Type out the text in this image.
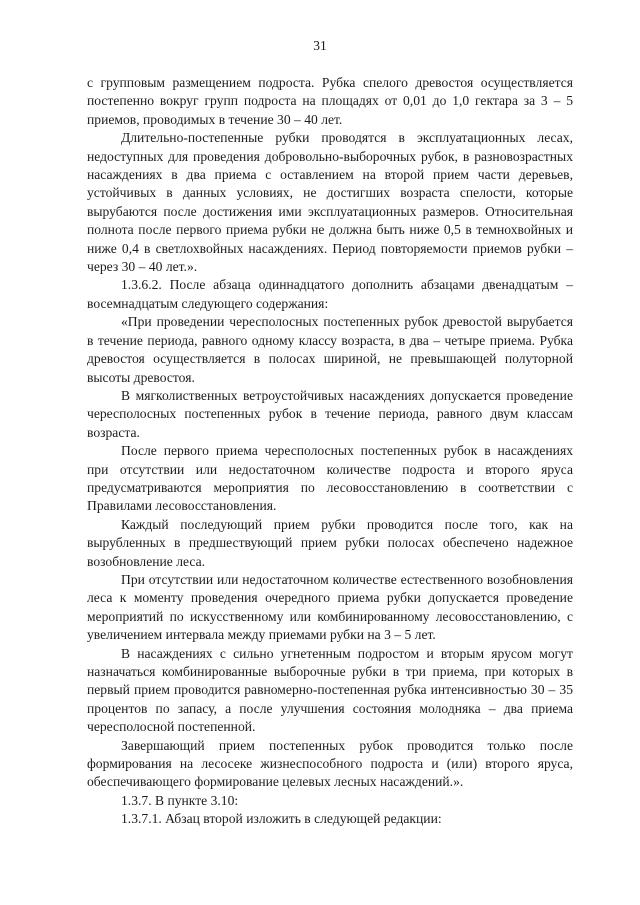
31

с групповым размещением подроста. Рубка спелого древостоя осуществляется постепенно вокруг групп подроста на площадях от 0,01 до 1,0 гектара за 3 – 5 приемов, проводимых в течение 30 – 40 лет.

Длительно-постепенные рубки проводятся в эксплуатационных лесах, недоступных для проведения добровольно-выборочных рубок, в разновозрастных насаждениях в два приема с оставлением на второй прием части деревьев, устойчивых в данных условиях, не достигших возраста спелости, которые вырубаются после достижения ими эксплуатационных размеров. Относительная полнота после первого приема рубки не должна быть ниже 0,5 в темнохвойных и ниже 0,4 в светлохвойных насаждениях. Период повторяемости приемов рубки – через 30 – 40 лет.».

1.3.6.2. После абзаца одиннадцатого дополнить абзацами двенадцатым – восемнадцатым следующего содержания:

«При проведении чересполосных постепенных рубок древостой вырубается в течение периода, равного одному классу возраста, в два – четыре приема. Рубка древостоя осуществляется в полосах шириной, не превышающей полуторной высоты древостоя.

В мягколиственных ветроустойчивых насаждениях допускается проведение чересполосных постепенных рубок в течение периода, равного двум классам возраста.

После первого приема чересполосных постепенных рубок в насаждениях при отсутствии или недостаточном количестве подроста и второго яруса предусматриваются мероприятия по лесовосстановлению в соответствии с Правилами лесовосстановления.

Каждый последующий прием рубки проводится после того, как на вырубленных в предшествующий прием рубки полосах обеспечено надежное возобновление леса.

При отсутствии или недостаточном количестве естественного возобновления леса к моменту проведения очередного приема рубки допускается проведение мероприятий по искусственному или комбинированному лесовосстановлению, с увеличением интервала между приемами рубки на 3 – 5 лет.

В насаждениях с сильно угнетенным подростом и вторым ярусом могут назначаться комбинированные выборочные рубки в три приема, при которых в первый прием проводится равномерно-постепенная рубка интенсивностью 30 – 35 процентов по запасу, а после улучшения состояния молодняка – два приема чересполосной постепенной.

Завершающий прием постепенных рубок проводится только после формирования на лесосеке жизнеспособного подроста и (или) второго яруса, обеспечивающего формирование целевых лесных насаждений.».

1.3.7. В пункте 3.10:

1.3.7.1. Абзац второй изложить в следующей редакции:
